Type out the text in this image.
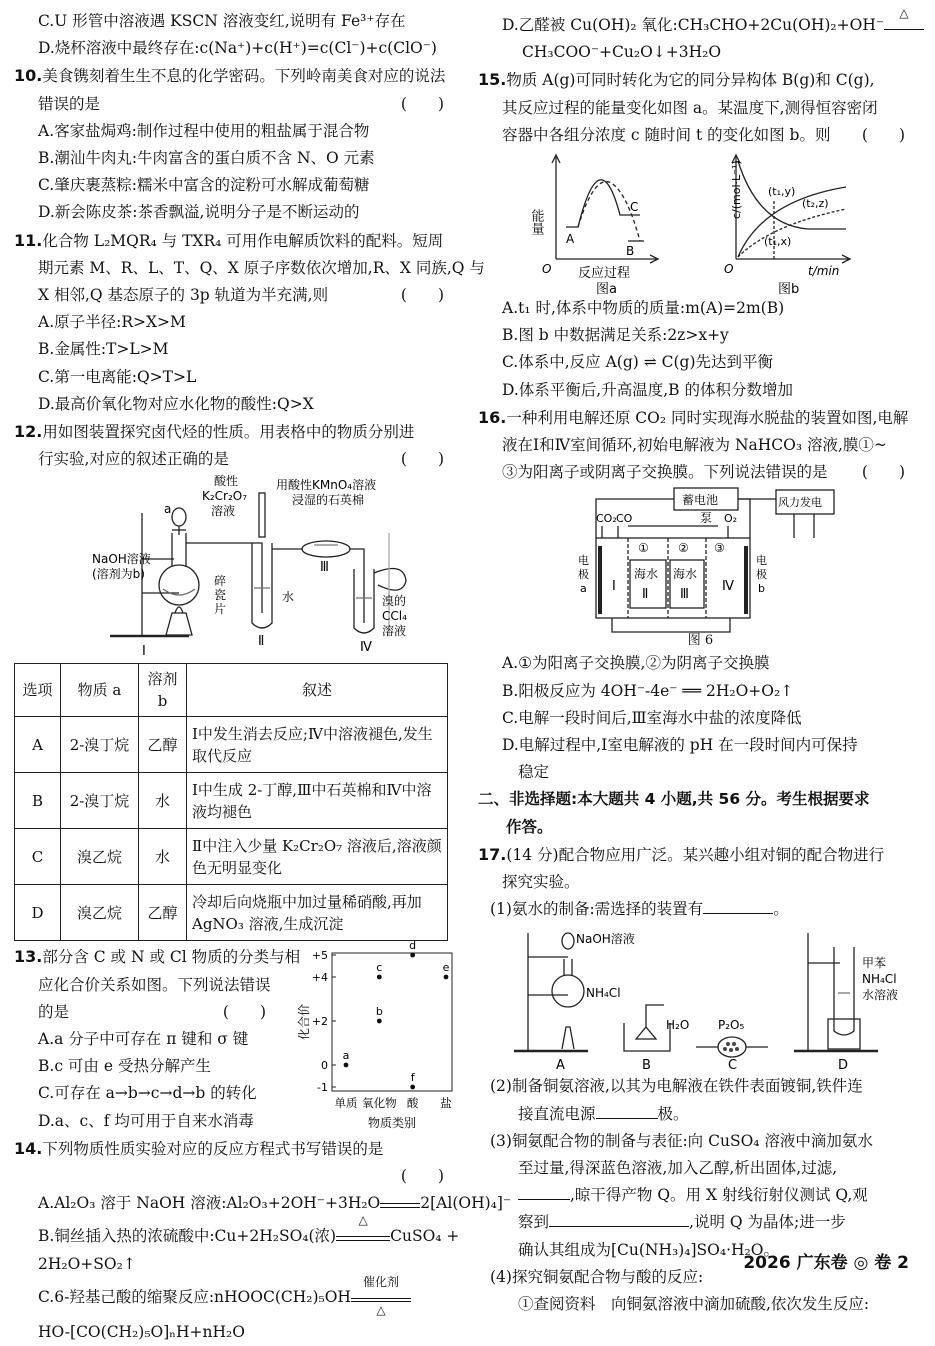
C.U 形管中溶液遇 KSCN 溶液变红,说明有 Fe³⁺存在
D.烧杯溶液中最终存在:c(Na⁺)+c(H⁺)=c(Cl⁻)+c(ClO⁻)
10.美食镌刻着生生不息的化学密码。下列岭南美食对应的说法
错误的是	(　　)
A.客家盐焗鸡:制作过程中使用的粗盐属于混合物
B.潮汕牛肉丸:牛肉富含的蛋白质不含 N、O 元素
C.肇庆裹蒸粽:糯米中富含的淀粉可水解成葡萄糖
D.新会陈皮茶:茶香飘溢,说明分子是不断运动的
11.化合物 L₂MQR₄ 与 TXR₄ 可用作电解质饮料的配料。短周
期元素 M、R、L、T、Q、X 原子序数依次增加,R、X 同族,Q 与
X 相邻,Q 基态原子的 3p 轨道为半充满,则	(　　)
A.原子半径:R>X>M
B.金属性:T>L>M
C.第一电离能:Q>T>L
D.最高价氧化物对应水化物的酸性:Q>X
12.用如图装置探究卤代烃的性质。用表格中的物质分别进
行实验,对应的叙述正确的是	(　　)
a
酸性
K₂Cr₂O₇
溶液
用酸性KMnO₄溶液
浸湿的石英棉
NaOH溶液
(溶剂为b)	碎
瓷
片
水	溴的
CCl₄
溶液
Ⅰ
Ⅱ
Ⅲ
Ⅳ
选项	物质 a	溶剂 b	叙述
A	2-溴丁烷	乙醇	Ⅰ中发生消去反应;Ⅳ中溶液褪色,发生取代反应
B	2-溴丁烷	水	Ⅰ中生成 2-丁醇,Ⅲ中石英棉和Ⅳ中溶液均褪色
C	溴乙烷	水	Ⅱ中注入少量 K₂Cr₂O₇ 溶液后,溶液颜色无明显变化
D	溴乙烷	乙醇	冷却后向烧瓶中加过量稀硝酸,再加 AgNO₃ 溶液,生成沉淀
13.部分含 C 或 N 或 Cl 物质的分类与相
应化合价关系如图。下列说法错误
的是	(　　)
A.a 分子中可存在 π 键和 σ 键
B.c 可由 e 受热分解产生
C.可存在 a→b→c→d→b 的转化
D.a、c、f 均可用于自来水消毒
-1
0
+2
+4
+5
单质 氧化物 酸 盐
化合价
物质类别
a
b
c
d
e
f
14.下列物质性质实验对应的反应方程式书写错误的是
(　　)
A.Al₂O₃ 溶于 NaOH 溶液:Al₂O₃+2OH⁻+3H₂O	2[Al(OH)₄]⁻
B.铜丝插入热的浓硫酸中:Cu+2H₂SO₄(浓)
△
CuSO₄ +
2H₂O+SO₂↑
C.6-羟基己酸的缩聚反应:nHOOC(CH₂)₅OH
催化剂
△
HO-[CO(CH₂)₅O]ₙH+nH₂O
D.乙醛被 Cu(OH)₂ 氧化:CH₃CHO+2Cu(OH)₂+OH⁻
△
CH₃COO⁻+Cu₂O↓+3H₂O
15.物质 A(g)可同时转化为它的同分异构体 B(g)和 C(g),
其反应过程的能量变化如图 a。某温度下,测得恒容密闭
容器中各组分浓度 c 随时间 t 的变化如图 b。则 (　　)
能量
反应过程
O
A
B
C
图a
c/(mol·L⁻¹)
t/min
O
(t₁,y)
(t₂,z)
(t₁,x)
图b
A.t₁ 时,体系中物质的质量:m(A)=2m(B)
B.图 b 中数据满足关系:2z>x+y
C.体系中,反应 A(g) ⇌ C(g)先达到平衡
D.体系平衡后,升高温度,B 的体积分数增加
16.一种利用电解还原 CO₂ 同时实现海水脱盐的装置如图,电解
液在Ⅰ和Ⅳ室间循环,初始电解液为 NaHCO₃ 溶液,膜①~
③为阳离子或阴离子交换膜。下列说法错误的是 (　　)
蓄电池
泵
风力发电
CO₂ CO	O₂
① ② ③
海水 海水
Ⅰ
Ⅱ Ⅲ
Ⅳ
电
极
a
电
极
b
图 6
A.①为阳离子交换膜,②为阴离子交换膜
B.阳极反应为 4OH⁻-4e⁻ ══ 2H₂O+O₂↑
C.电解一段时间后,Ⅲ室海水中盐的浓度降低
D.电解过程中,Ⅰ室电解液的 pH 在一段时间内可保持
稳定
二、非选择题:本大题共 4 小题,共 56 分。考生根据要求
作答。
17.(14 分)配合物应用广泛。某兴趣小组对铜的配合物进行
探究实验。
(1)氨水的制备:需选择的装置有	。
NaOH溶液
NH₄Cl
H₂O P₂O₅
甲苯
NH₄Cl
水溶液
A	B	C	D
(2)制备铜氨溶液,以其为电解液在铁件表面镀铜,铁件连
接直流电源	极。
(3)铜氨配合物的制备与表征:向 CuSO₄ 溶液中滴加氨水
至过量,得深蓝色溶液,加入乙醇,析出固体,过滤,
,晾干得产物 Q。用 X 射线衍射仪测试 Q,观
察到	,说明 Q 为晶体;进一步
确认其组成为[Cu(NH₃)₄]SO₄·H₂O。
(4)探究铜氨配合物与酸的反应:
①查阅资料　向铜氨溶液中滴加硫酸,依次发生反应:
2026 广东卷 ◎ 卷 2
